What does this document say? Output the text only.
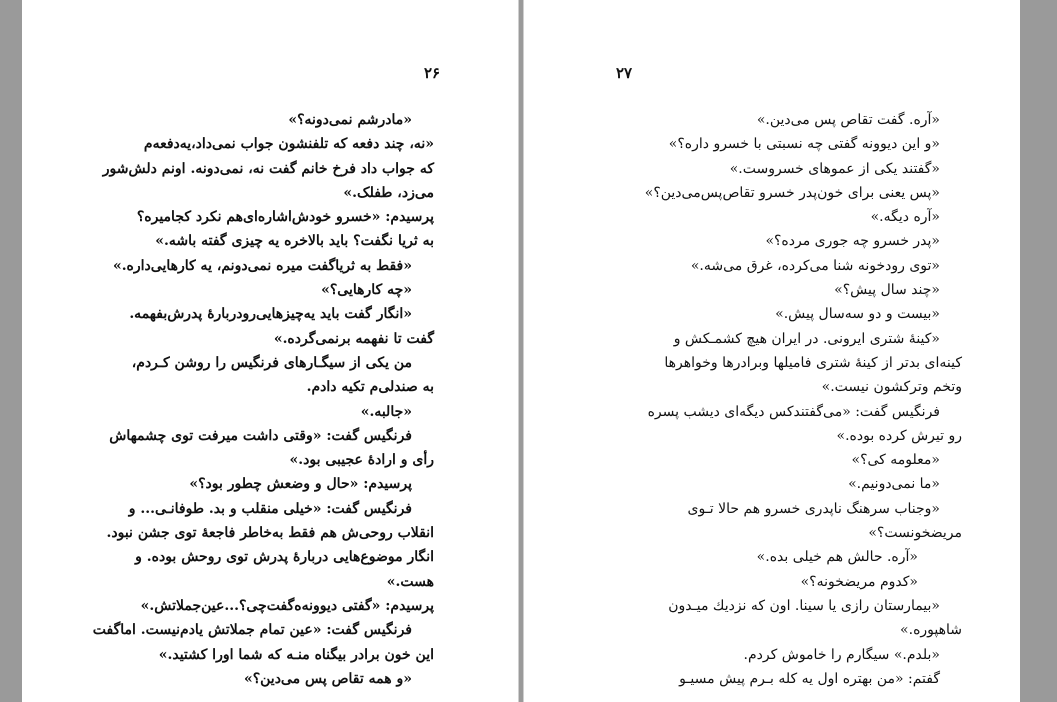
۲۶
«مادرشم نمی‌دونه؟»
«نه، چند دفعه که تلفنشون جواب نمی‌داد،یه‌دفعه‌م
که جواب داد فرخ خانم گفت نه، نمی‌دونه. اونم دلش‌شور
می‌زد، طفلک.»
پرسیدم: «خسرو خودش‌اشاره‌ای‌هم نکرد کجامیره؟
به ثریا نگفت؟ باید بالاخره یه چیزی گفته باشه.»
«فقط به ثریاگفت میره نمی‌دونم، یه کارهایی‌داره.»
«چه کارهایی؟»
«انگار گفت باید یه‌چیزهایی‌رودربارهٔ پدرش‌بفهمه.
گفت تا نفهمه برنمی‌گرده.»
من یکی از سیگـارهای فرنگیس را روشن کـردم،
به صندلی‌م تکیه دادم.
«جالبه.»
فرنگیس گفت: «وقتی داشت میرفت توی چشمهاش
رأی و ارادهٔ عجیبی بود.»
پرسیدم: «حال و وضعش چطور بود؟»
فرنگیس گفت: «خیلی منقلب و بد. طوفانـی... و
انقلاب روحی‌ش هم فقط به‌خاطر فاجعهٔ توی جشن نبود.
انگار موضوع‌هایی دربارهٔ پدرش توی روحش بوده. و
هست.»
پرسیدم: «گفتی دیوونه‌ه‌گفت‌چی؟...عین‌جملاتش.»
فرنگیس گفت: «عین تمام جملاتش یادم‌نیست. اماگفت
این خون برادر بیگناه منـه که شما اورا کشتید.»
«و همه تقاص پس می‌دین؟»
۲۷
«آره. گفت تقاص پس می‌دین.»
«و این دیوونه گفتی چه نسبتی با خسرو داره؟»
«گفتند یکی از عموهای خسروست.»
«پس یعنی برای خون‌پدر خسرو تقاص‌پس‌می‌دین؟»
«آره دیگه.»
«پدر خسرو چه جوری مرده؟»
«توی رودخونه شنا می‌کرده، غرق می‌شه.»
«چند سال پیش؟»
«بیست و دو سه‌سال پیش.»
«کینهٔ شتری ایرونی. در ایران هیچ کشمـکش و
کینه‌ای بدتر از کینهٔ شتری فامیلها وبرادرها وخواهرها
وتخم وترکشون نیست.»
فرنگیس گفت: «می‌گفتندکس دیگه‌ای دیشب پسره
رو تیرش کرده بوده.»
«معلومه کی؟»
«ما نمی‌دونیم.»
«وجناب سرهنگ ناپدری خسرو هم حالا تـوی
مریضخونست؟»
«آره. حالش هم خیلی بده.»
«کدوم مریضخونه؟»
«بیمارستان رازی یا سینا. اون که نزدیك میـدون
شاهپوره.»
«بلدم.» سیگارم را خاموش کردم.
گفتم: «من بهتره اول یه کله بـرم پیش مسیـو
